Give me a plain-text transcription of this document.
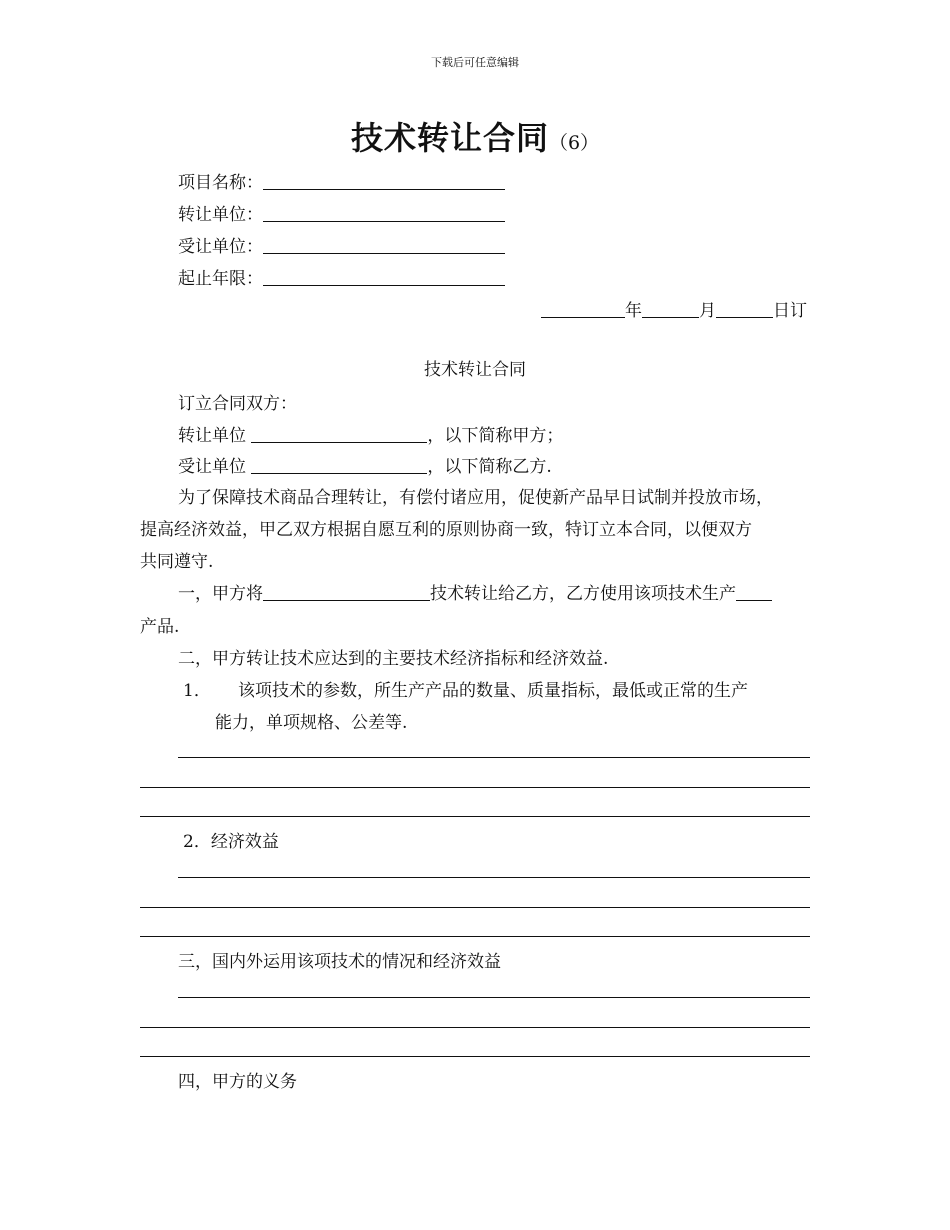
下载后可任意编辑
技术转让合同（6）
项目名称：
转让单位：
受让单位：
起止年限：
年	月	日订
技术转让合同
订立合同双方：
转让单位	，以下简称甲方；
受让单位	，以下简称乙方.
为了保障技术商品合理转让，有偿付诸应用，促使新产品早日试制并投放市场，
提高经济效益，甲乙双方根据自愿互利的原则协商一致，特订立本合同，以便双方
共同遵守.
一，甲方将	技术转让给乙方，乙方使用该项技术生产
产品.
二，甲方转让技术应达到的主要技术经济指标和经济效益.
1． 该项技术的参数，所生产产品的数量、质量指标，最低或正常的生产
能力，单项规格、公差等.
2．经济效益
三，国内外运用该项技术的情况和经济效益
四，甲方的义务
